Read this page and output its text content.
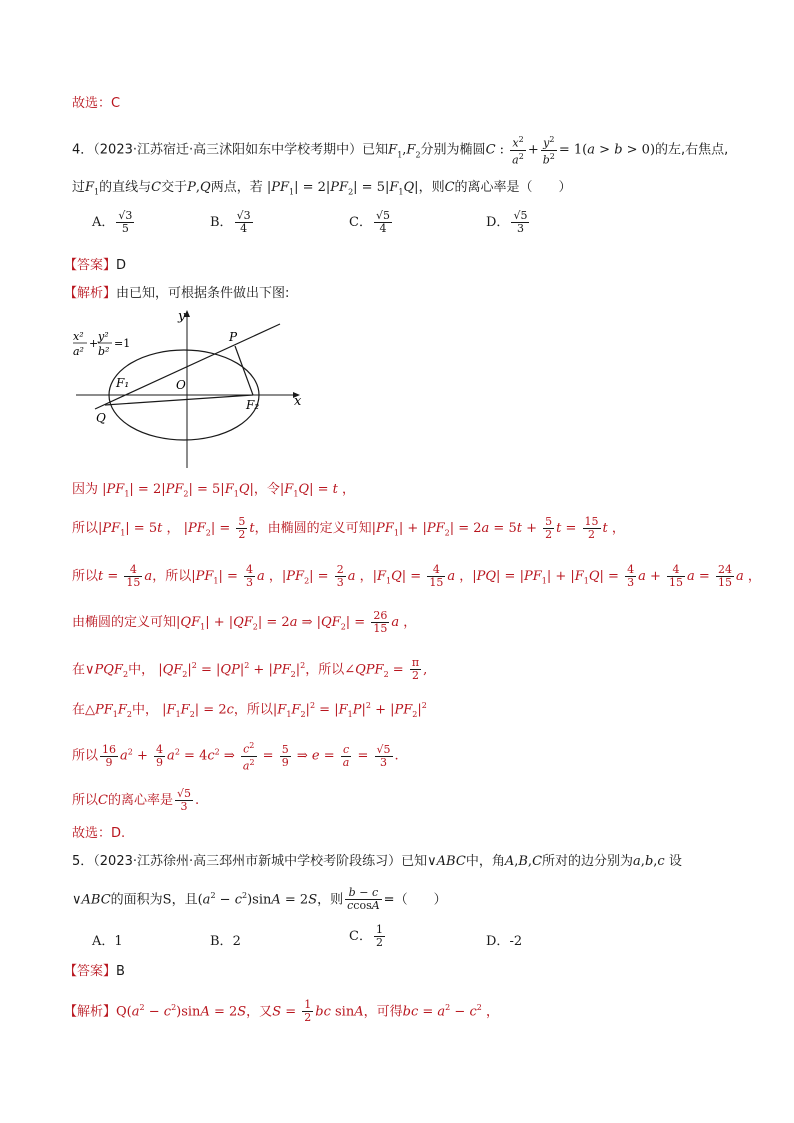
故选：C
4．（2023·江苏宿迁·高三沭阳如东中学校考期中）已知$F_1,F_2$分别为椭圆C : $\frac{x^2}{a^2} + \frac{y^2}{b^2} = 1(a > b > 0)$的左,右焦点,
过$F_1$的直线与C交于P,Q两点，若 $|PF_1| = 2|PF_2| = 5|F_1Q|$，则C的离心率是（　　）
A． $\frac{√3}{5}$	B． $\frac{√3}{4}$	C． $\frac{√5}{4}$	D． $\frac{√5}{3}$
【答案】D
【解析】由已知，可根据条件做出下图:
x²
a²
+
y²
b²
=1	P
Q
O
F₁
F₂	x
y
因为 $|PF_1| = 2|PF_2| = 5|F_1Q|$，令$|F_1Q| = t$ ，
所以$|PF_1| = 5t$ ， $|PF_2| = \frac{5}{2}$ t，由椭圆的定义可知$|PF_1| + |PF_2| = 2a = 5t + \frac{5}{2}$ $t = \frac{15}{2}$ t ，
所以$t = \frac{4}{15}$ a，所以$|PF_1| = \frac{4}{3}$ a ，$|PF_2| = \frac{2}{3}$ a ，$|F_1Q| = \frac{4}{15}$ a ，$|PQ| = |PF_1| + |F_1Q| = \frac{4}{3}$ $a + \frac{4}{15}$ $a = \frac{24}{15}$ a ，
由椭圆的定义可知$|QF_1| + |QF_2| = 2a$ ⇒ $|QF_2| = \frac{26}{15}$ a ，
在$\vee PQF_2$中， $|QF_2|^2 = |QP|^2 + |PF_2|^2$，所以$\angle QPF_2 = \frac{\pi}{2}$ ,
在$\triangle PF_1F_2$中， $|F_1F_2| = 2c$，所以$|F_1F_2|^2 = |F_1P|^2 + |PF_2|^2$
所以 $\frac{16}{9} a^2 + \frac{4}{9} a^2 = 4c^2$ ⇒ $\frac{c^2}{a^2} = \frac{5}{9}$ ⇒ $e = \frac{c}{a} = \frac{√5}{3}$ .
所以C的离心率是 $\frac{√5}{3}$ .
故选：D.
5．（2023·江苏徐州·高三邳州市新城中学校考阶段练习）已知∨ABC中，角A,B,C所对的边分别为a,b,c 设
∨ABC的面积为S，且$(a^2 - c^2)\sin A = 2S$，则 $\frac{b - c}{ccosA}$ =（　　）
A．1	B．2	C． $\frac{1}{2}$	D．-2
【答案】B
【解析】$Q(a^2 - c^2)\sin A = 2S$，又$S = \frac{1}{2}$ bc sinA，可得bc = $a^2 - c^2$ ，
